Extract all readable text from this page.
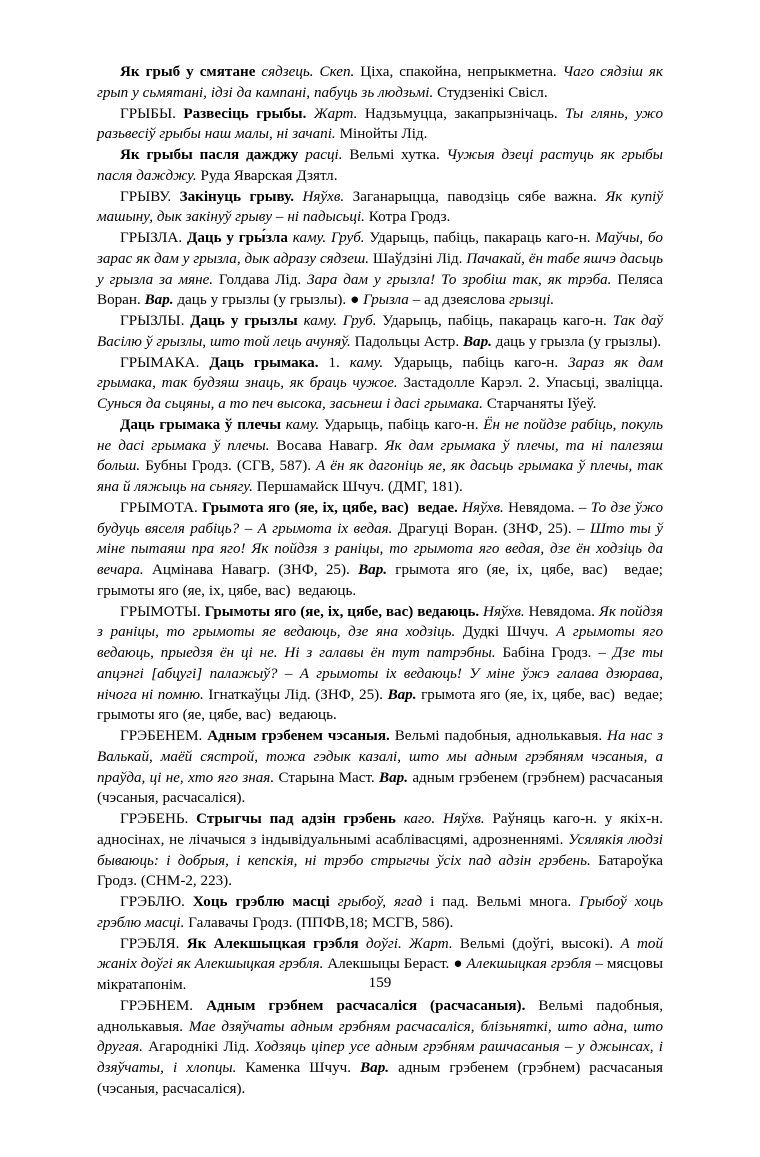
Як грыб у смятане сядзець. Скеп. Ціха, спакойна, непрыкметна. Чаго сядзіш як грып у сьмятані, ідзі да кампані, пабуць зь людзьмі. Студзенікі Свісл.

ГРЫБЫ. Развесіць грыбы. Жарт. Надзьмуцца, закапрызнічаць. Ты глянь, ужо разьвесіў грыбы наш малы, ні зачапі. Мінойты Лід.

Як грыбы пасля дажджу расці. Вельмі хутка. Чужыя дзеці растуць як грыбы пасля дажджу. Руда Яварская Дзятл.

ГРЫВУ. Закінуць грыву. Няўхв. Заганарыцца, паводзіць сябе важна. Як купіў машыну, дык закінуў грыву – ні падысьці. Котра Гродз.

ГРЫЗЛА. Даць у гры́зла каму. Груб. Ударыць, пабіць, пакараць каго-н. Маўчы, бо зарас як дам у грызла, дык адразу сядзеш. Шаўдзіні Лід. Пачакай, ён табе яшчэ дасьць у грызла за мяне. Голдава Лід. Зара дам у грызла! То зробіш так, як трэба. Пеляса Воран. Вар. даць у грызлы (у грызлы). ● Грызла – ад дзеяслова грызці.

ГРЫЗЛЫ. Даць у грызлы каму. Груб. Ударыць, пабіць, пакараць каго-н. Так даў Васілю ў грызлы, што той лець ачуняў. Падольцы Астр. Вар. даць у грызла (у грызлы).

ГРЫМАКА. Даць грымака. 1. каму. Ударыць, пабіць каго-н. Зараз як дам грымака, так будзяш знаць, як браць чужое. Застадолле Карэл. 2. Упасьці, зваліцца. Сунься да сьцяны, а то печ высока, засьнеш і дасі грымака. Старчаняты Іўеў.

Даць грымака ў плечы каму. Ударыць, пабіць каго-н. Ён не пойдзе рабіць, покуль не дасі грымака ў плечы. Восава Навагр. Як дам грымака ў плечы, та ні палезяш больш. Бубны Гродз. (СГВ, 587). А ён як дагоніць яе, як дасьць грымака ў плечы, так яна й ляжыць на сьнягу. Першамайск Шчуч. (ДМГ, 181).

ГРЫМОТА. Грымота яго (яе, іх, цябе, вас)  ведае. Няўхв. Невядома. – То дзе ўжо будуць вяселя рабіць? – А грымота іх ведая. Драгуці Воран. (ЗНФ, 25). – Што ты ў міне пытаяш пра яго! Як пойдзя з раніцы, то грымота яго ведая, дзе ён ходзіць да вечара. Ацмінава Навагр. (ЗНФ, 25). Вар. грымота яго (яе, іх, цябе, вас)  ведае; грымоты яго (яе, іх, цябе, вас)  ведаюць.

ГРЫМОТЫ. Грымоты яго (яе, іх, цябе, вас) ведаюць. Няўхв. Невядома. Як пойдзя з раніцы, то грымоты яе ведаюць, дзе яна ходзіць. Дудкі Шчуч. А грымоты яго ведаюць, прыедзя ён ці не. Ні з галавы ён тут патрэбны. Бабіна Гродз. – Дзе ты апцэнгі [абцугі] палажыў? – А грымоты іх ведаюць! У міне ўжэ галава дзюрава, нічога ні помню. Ігнаткаўцы Лід. (ЗНФ, 25). Вар. грымота яго (яе, іх, цябе, вас)  ведае; грымоты яго (яе, цябе, вас)  ведаюць.

ГРЭБЕНЕМ. Адным грэбенем чэсаныя. Вельмі падобныя, аднолькавыя. На нас з Валькай, маёй сястрой, тожа гэдык казалі, што мы адным грэбяням чэсаныя, а праўда, ці не, хто яго зная. Старына Маст. Вар. адным грэбенем (грэбнем) расчасаныя (чэсаныя, расчасаліся).

ГРЭБЕНЬ. Стрыгчы пад адзін грэбень каго. Няўхв. Раўняць каго-н. у якіх-н. адносінах, не лічачыся з індывідуальнымі асаблівасцямі, адрозненнямі. Усялякія людзі бываюць: і добрыя, і кепскія, ні трэбо стрыгчы ўсіх пад адзін грэбень. Батароўка Гродз. (СНМ-2, 223).

ГРЭБЛЮ. Хоць грэблю масці грыбоў, ягад і пад. Вельмі многа. Грыбоў хоць грэблю масці. Галавачы Гродз. (ППФВ,18; МСГВ, 586).

ГРЭБЛЯ. Як Алекшыцкая грэбля доўгі. Жарт. Вельмі (доўгі, высокі). А той жаніх доўгі як Алекшыцкая грэбля. Алекшыцы Бераст. ● Алекшыцкая грэбля – мясцовы мікратапонім.

ГРЭБНЕМ. Адным грэбнем расчасаліся (расчасаныя). Вельмі падобныя, аднолькавыя. Мае дзяўчаты адным грэбням расчасаліся, блізьняткі, што адна, што другая. Агароднікі Лід. Ходзяць ціпер усе адным грэбням рашчасаныя – у джынсах, і дзяўчаты, і хлопцы. Каменка Шчуч. Вар. адным грэбенем (грэбнем) расчасаныя (чэсаныя, расчасаліся).

159
